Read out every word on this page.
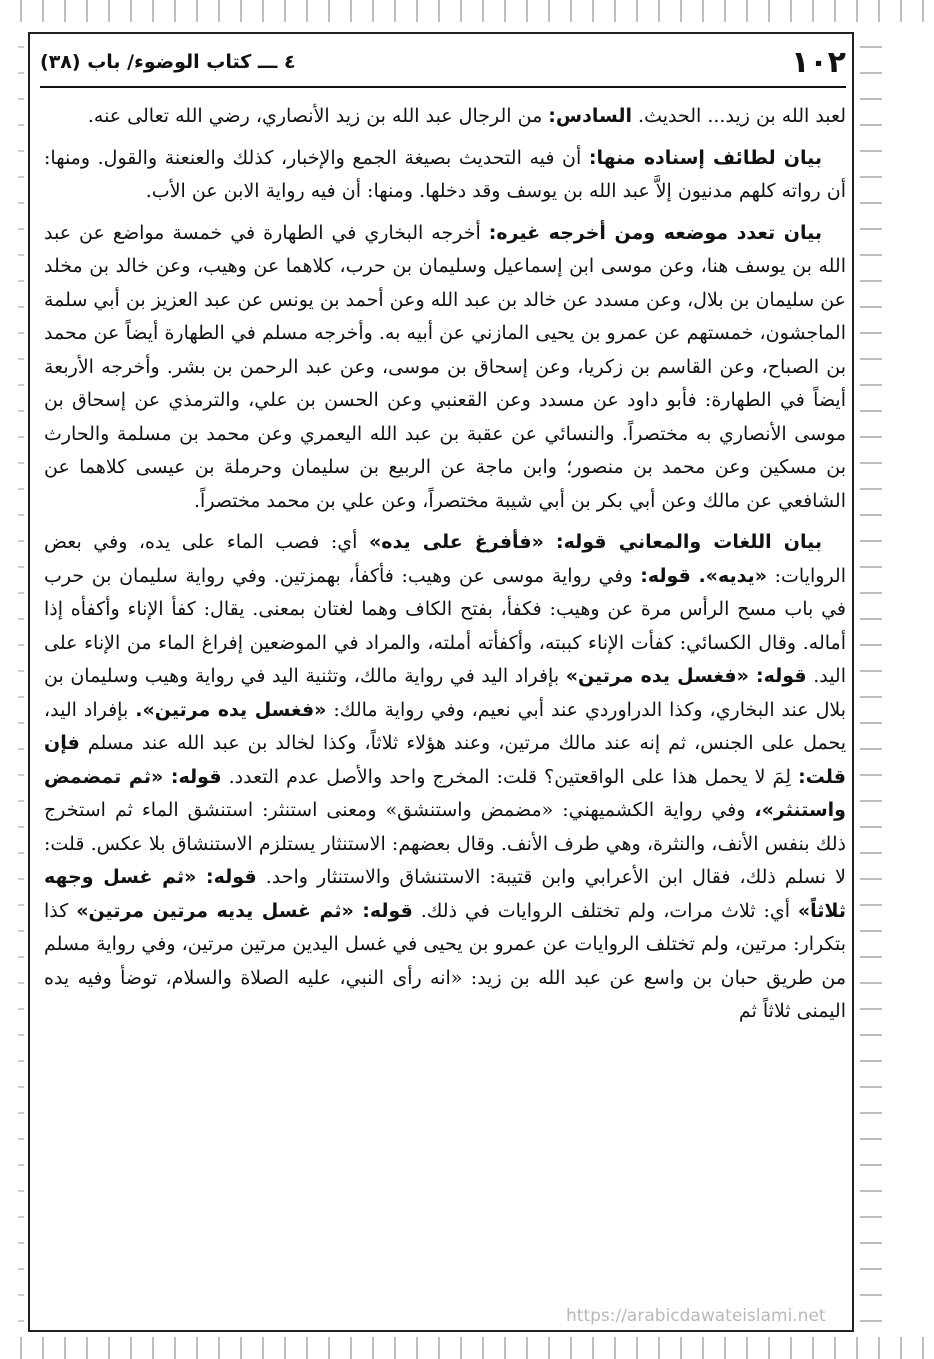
١٠٢
٤ ـــ كتاب الوضوء/ باب (٣٨)

لعبد الله بن زيد... الحديث. السادس: من الرجال عبد الله بن زيد الأنصاري، رضي الله تعالى عنه.

بيان لطائف إسناده منها: أن فيه التحديث بصيغة الجمع والإخبار، كذلك والعنعنة والقول. ومنها: أن رواته كلهم مدنيون إلاَّ عبد الله بن يوسف وقد دخلها. ومنها: أن فيه رواية الابن عن الأب.

بيان تعدد موضعه ومن أخرجه غيره: أخرجه البخاري في الطهارة في خمسة مواضع عن عبد الله بن يوسف هنا، وعن موسى ابن إسماعيل وسليمان بن حرب، كلاهما عن وهيب، وعن خالد بن مخلد عن سليمان بن بلال، وعن مسدد عن خالد بن عبد الله وعن أحمد بن يونس عن عبد العزيز بن أبي سلمة الماجشون، خمستهم عن عمرو بن يحيى المازني عن أبيه به. وأخرجه مسلم في الطهارة أيضاً عن محمد بن الصباح، وعن القاسم بن زكريا، وعن إسحاق بن موسى، وعن عبد الرحمن بن بشر. وأخرجه الأربعة أيضاً في الطهارة: فأبو داود عن مسدد وعن القعنبي وعن الحسن بن علي، والترمذي عن إسحاق بن موسى الأنصاري به مختصراً. والنسائي عن عقبة بن عبد الله اليعمري وعن محمد بن مسلمة والحارث بن مسكين وعن محمد بن منصور؛ وابن ماجة عن الربيع بن سليمان وحرملة بن عيسى كلاهما عن الشافعي عن مالك وعن أبي بكر بن أبي شيبة مختصراً، وعن علي بن محمد مختصراً.

بيان اللغات والمعاني قوله: «فأفرغ على يده» أي: فصب الماء على يده، وفي بعض الروايات: «يديه». قوله: وفي رواية موسى عن وهيب: فأكفأ، بهمزتين. وفي رواية سليمان بن حرب في باب مسح الرأس مرة عن وهيب: فكفأ، بفتح الكاف وهما لغتان بمعنى. يقال: كفأ الإناء وأكفأه إذا أماله. وقال الكسائي: كفأت الإناء كببته، وأكفأته أملته، والمراد في الموضعين إفراغ الماء من الإناء على اليد. قوله: «فغسل يده مرتين» بإفراد اليد في رواية مالك، وتثنية اليد في رواية وهيب وسليمان بن بلال عند البخاري، وكذا الدراوردي عند أبي نعيم، وفي رواية مالك: «فغسل يده مرتين». بإفراد اليد، يحمل على الجنس، ثم إنه عند مالك مرتين، وعند هؤلاء ثلاثاً، وكذا لخالد بن عبد الله عند مسلم فإن قلت: لِمَ لا يحمل هذا على الواقعتين؟ قلت: المخرج واحد والأصل عدم التعدد. قوله: «ثم تمضمض واستنثر»، وفي رواية الكشميهني: «مضمض واستنشق» ومعنى استنثر: استنشق الماء ثم استخرج ذلك بنفس الأنف، والنثرة، وهي طرف الأنف. وقال بعضهم: الاستنثار يستلزم الاستنشاق بلا عكس. قلت: لا نسلم ذلك، فقال ابن الأعرابي وابن قتيبة: الاستنشاق والاستنثار واحد. قوله: «ثم غسل وجهه ثلاثاً» أي: ثلاث مرات، ولم تختلف الروايات في ذلك. قوله: «ثم غسل يديه مرتين مرتين» كذا بتكرار: مرتين، ولم تختلف الروايات عن عمرو بن يحيى في غسل اليدين مرتين مرتين، وفي رواية مسلم من طريق حبان بن واسع عن عبد الله بن زيد: «انه رأى النبي، عليه الصلاة والسلام، توضأ وفيه يده اليمنى ثلاثاً ثم

https://arabicdawateislami.net
